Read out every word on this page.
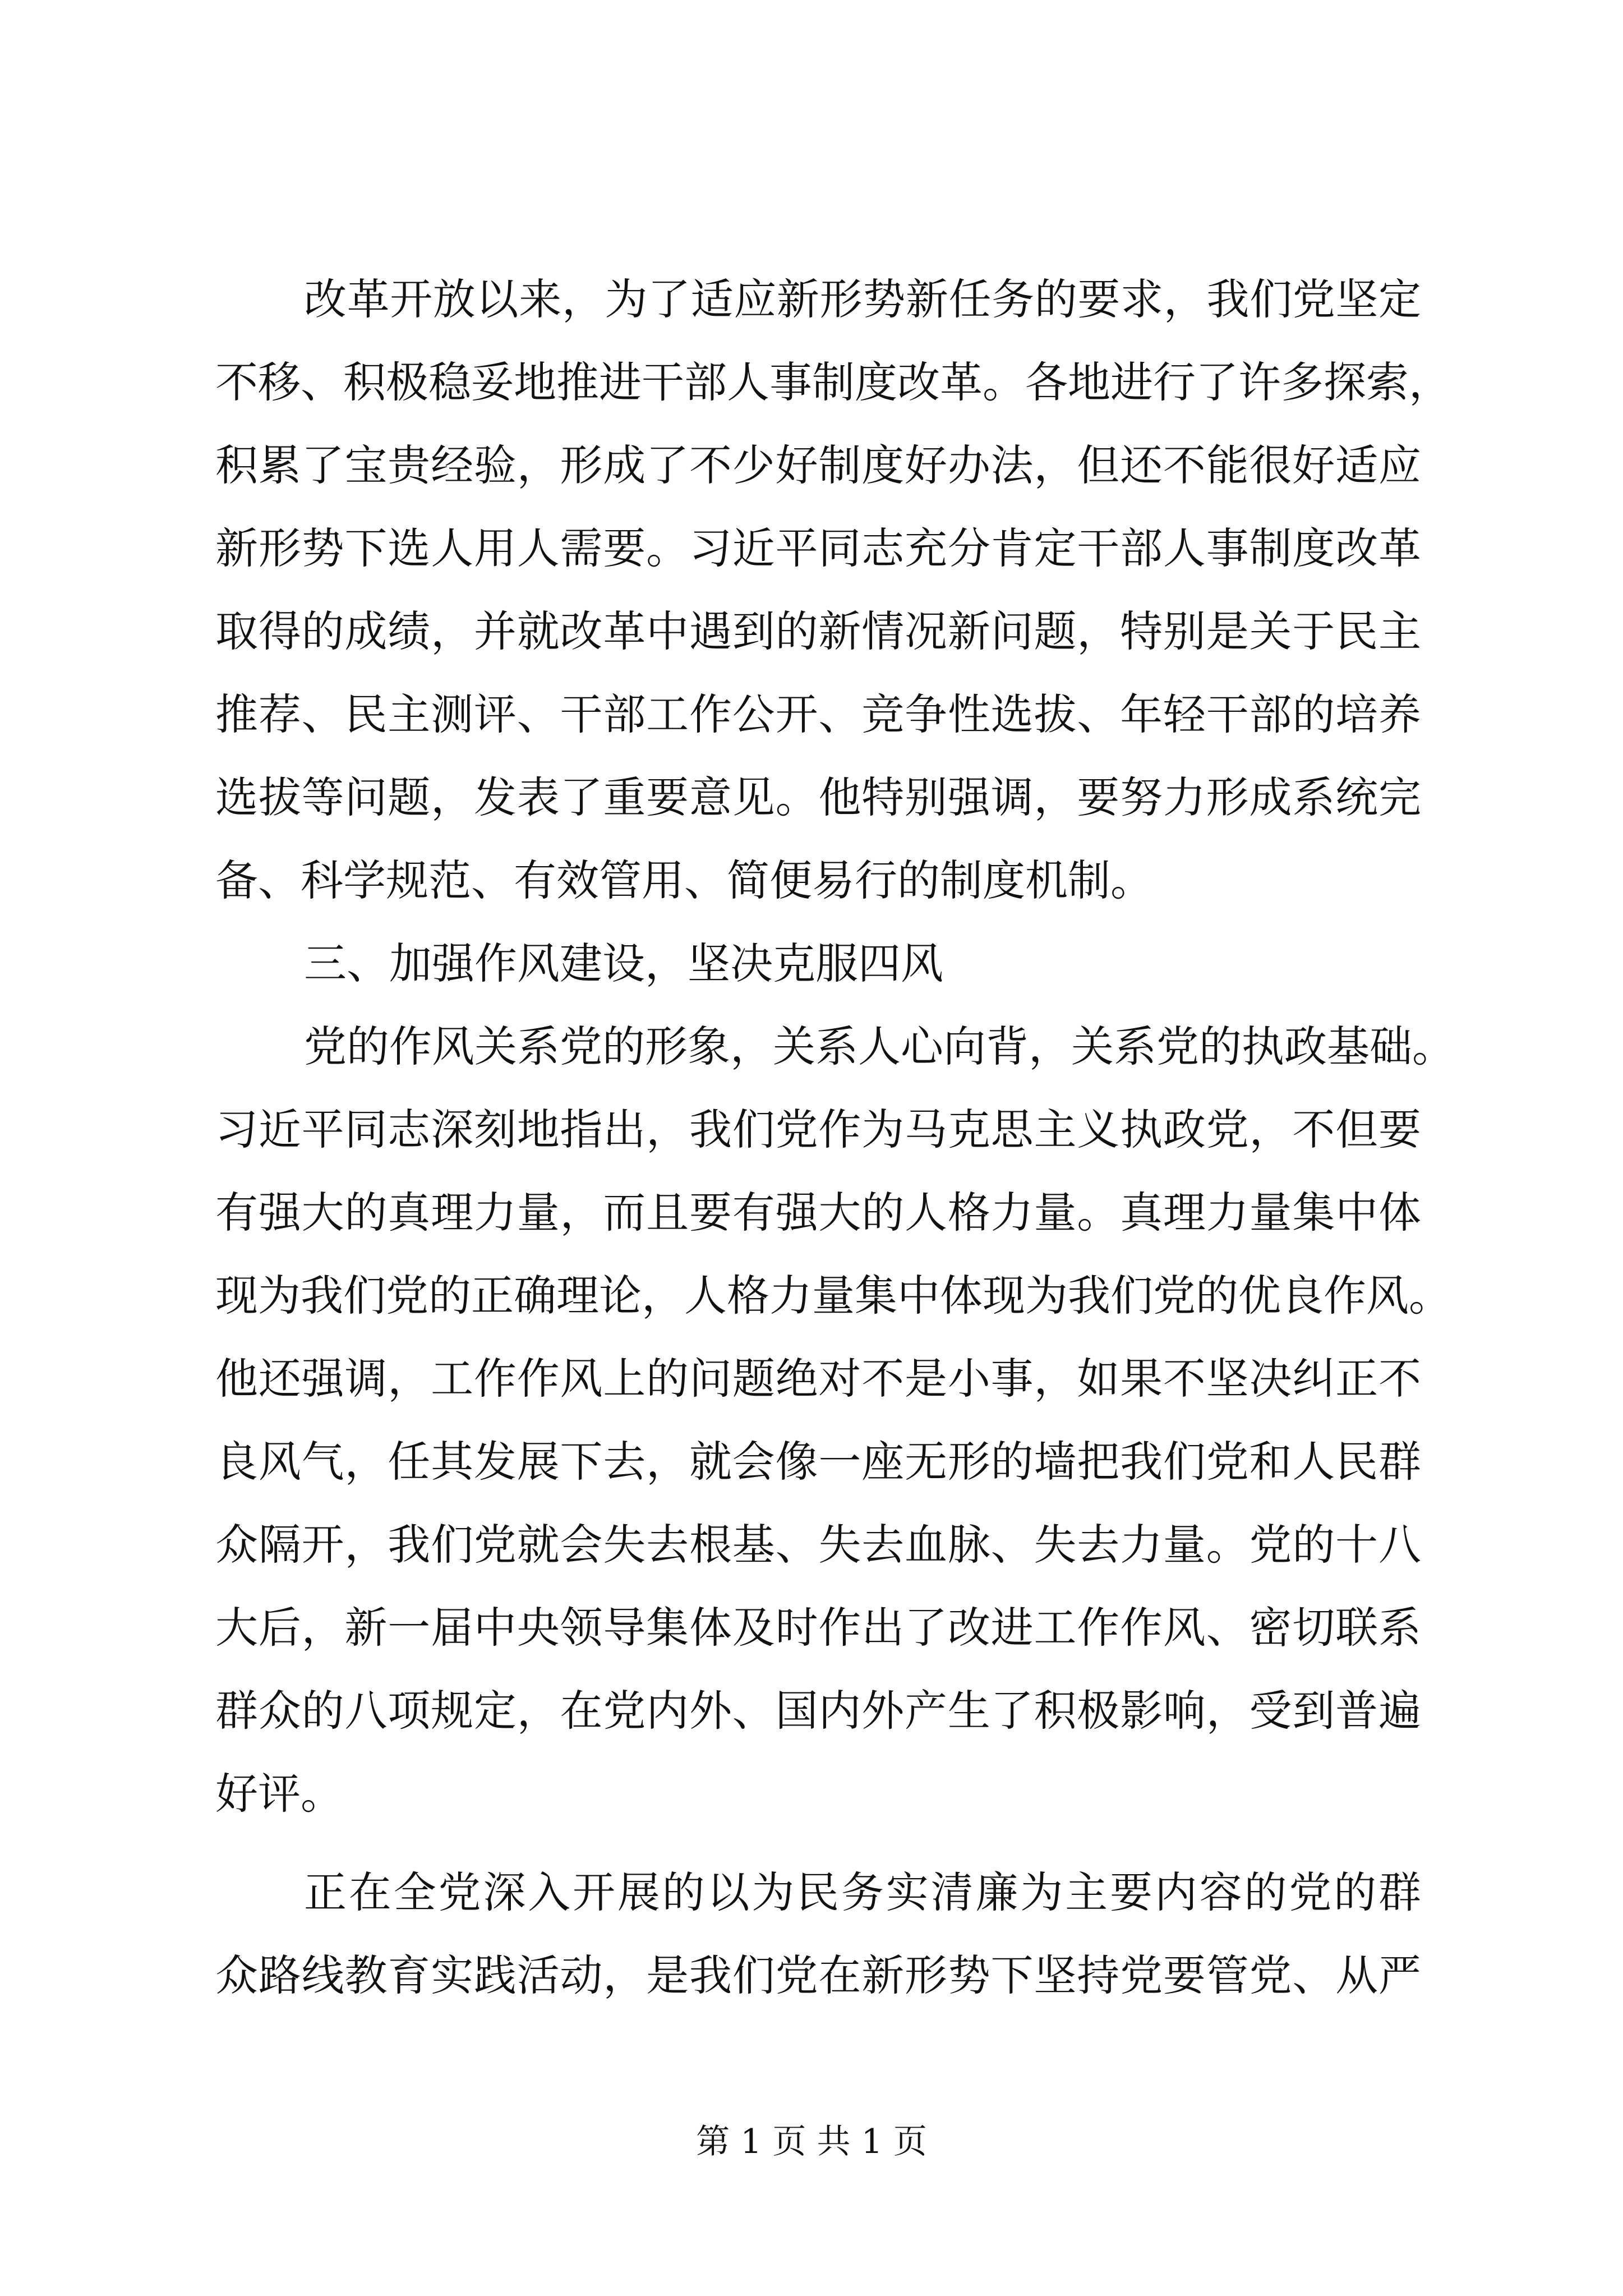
改革开放以来，为了适应新形势新任务的要求，我们党坚定
不移、积极稳妥地推进干部人事制度改革。各地进行了许多探索，
积累了宝贵经验，形成了不少好制度好办法，但还不能很好适应
新形势下选人用人需要。习近平同志充分肯定干部人事制度改革
取得的成绩，并就改革中遇到的新情况新问题，特别是关于民主
推荐、民主测评、干部工作公开、竞争性选拔、年轻干部的培养
选拔等问题，发表了重要意见。他特别强调，要努力形成系统完
备、科学规范、有效管用、简便易行的制度机制。
三、加强作风建设，坚决克服四风
党的作风关系党的形象，关系人心向背，关系党的执政基础。
习近平同志深刻地指出，我们党作为马克思主义执政党，不但要
有强大的真理力量，而且要有强大的人格力量。真理力量集中体
现为我们党的正确理论，人格力量集中体现为我们党的优良作风。
他还强调，工作作风上的问题绝对不是小事，如果不坚决纠正不
良风气，任其发展下去，就会像一座无形的墙把我们党和人民群
众隔开，我们党就会失去根基、失去血脉、失去力量。党的十八
大后，新一届中央领导集体及时作出了改进工作作风、密切联系
群众的八项规定，在党内外、国内外产生了积极影响，受到普遍
好评。
正在全党深入开展的以为民务实清廉为主要内容的党的群
众路线教育实践活动，是我们党在新形势下坚持党要管党、从严
第 1 页 共 1 页
